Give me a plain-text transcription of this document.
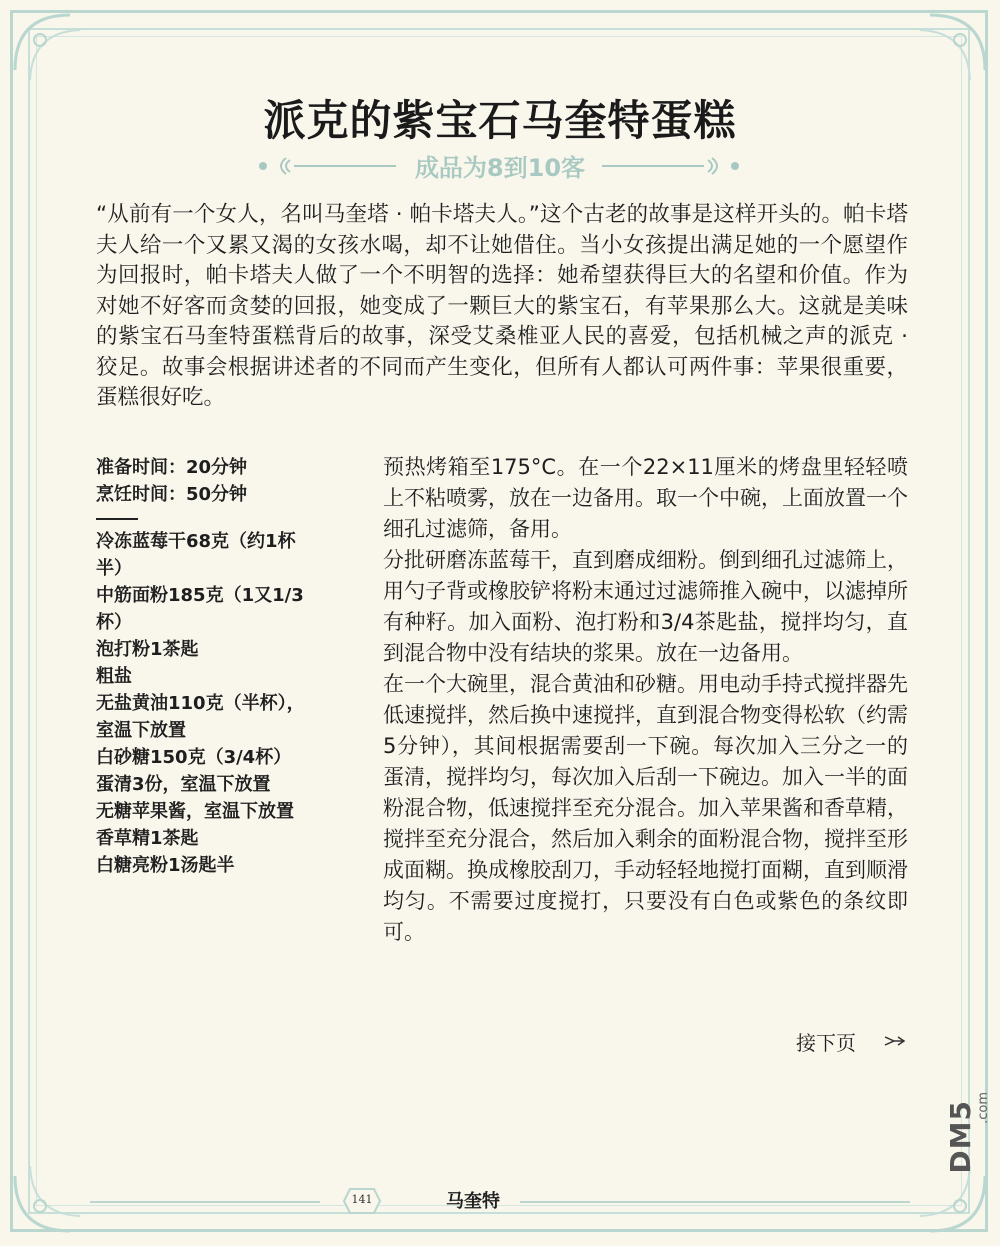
派克的紫宝石马奎特蛋糕
成品为8到10客
“从前有一个女人，名叫马奎塔 · 帕卡塔夫人。”这个古老的故事是这样开头的。帕卡塔夫人给一个又累又渴的女孩水喝，却不让她借住。当小女孩提出满足她的一个愿望作为回报时，帕卡塔夫人做了一个不明智的选择：她希望获得巨大的名望和价值。作为对她不好客而贪婪的回报，她变成了一颗巨大的紫宝石，有苹果那么大。这就是美味的紫宝石马奎特蛋糕背后的故事，深受艾桑椎亚人民的喜爱，包括机械之声的派克 · 狡足。故事会根据讲述者的不同而产生变化，但所有人都认可两件事：苹果很重要，蛋糕很好吃。
准备时间：20分钟
烹饪时间：50分钟
冷冻蓝莓干68克（约1杯半）
中筋面粉185克（1又1/3杯）
泡打粉1茶匙
粗盐
无盐黄油110克（半杯），室温下放置
白砂糖150克（3/4杯）
蛋清3份，室温下放置
无糖苹果酱，室温下放置
香草精1茶匙
白糖亮粉1汤匙半

预热烤箱至175°C。在一个22×11厘米的烤盘里轻轻喷上不粘喷雾，放在一边备用。取一个中碗，上面放置一个细孔过滤筛，备用。

分批研磨冻蓝莓干，直到磨成细粉。倒到细孔过滤筛上，用勺子背或橡胶铲将粉末通过过滤筛推入碗中，以滤掉所有种籽。加入面粉、泡打粉和3/4茶匙盐，搅拌均匀，直到混合物中没有结块的浆果。放在一边备用。

在一个大碗里，混合黄油和砂糖。用电动手持式搅拌器先低速搅拌，然后换中速搅拌，直到混合物变得松软（约需5分钟），其间根据需要刮一下碗。每次加入三分之一的蛋清，搅拌均匀，每次加入后刮一下碗边。加入一半的面粉混合物，低速搅拌至充分混合。加入苹果酱和香草精，搅拌至充分混合，然后加入剩余的面粉混合物，搅拌至形成面糊。换成橡胶刮刀，手动轻轻地搅打面糊，直到顺滑均匀。不需要过度搅打，只要没有白色或紫色的条纹即可。

接下页
141	马奎特
DM5 .com
